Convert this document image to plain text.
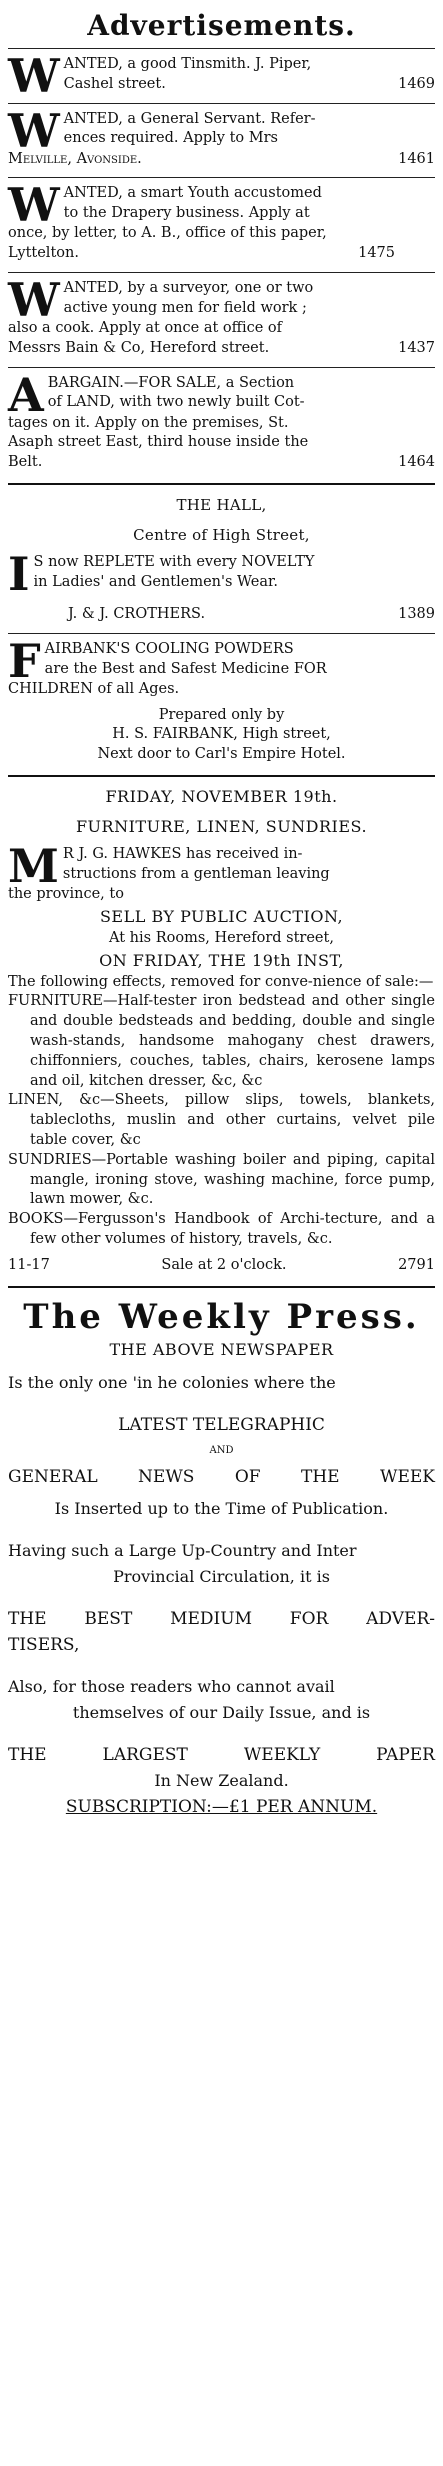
Advertisements.
W ANTED, a good Tinsmith. J. Piper,
Cashel street.	1469
W ANTED, a General Servant. Refer-
ences required. Apply to Mrs
Melville, Avonside.	1461
W ANTED, a smart Youth accustomed
to the Drapery business. Apply at
once, by letter, to A. B., office of this paper,
Lyttelton.	1475
W ANTED, by a surveyor, one or two
active young men for field work ;
also a cook. Apply at once at office of
Messrs Bain & Co, Hereford street.	1437
A BARGAIN.—FOR SALE, a Section
of LAND, with two newly built Cot-
tages on it. Apply on the premises, St.
Asaph street East, third house inside the
Belt.	1464
THE HALL,
Centre of High Street,
I S now REPLETE with every NOVELTY
in Ladies' and Gentlemen's Wear.
J. & J. CROTHERS.	1389
F AIRBANK'S COOLING POWDERS
are the Best and Safest Medicine FOR
CHILDREN of all Ages.
Prepared only by
H. S. FAIRBANK, High street,
Next door to Carl's Empire Hotel.
FRIDAY, NOVEMBER 19th.
FURNITURE, LINEN, SUNDRIES.
M R J. G. HAWKES has received in-
structions from a gentleman leaving
the province, to
SELL BY PUBLIC AUCTION,
At his Rooms, Hereford street,
ON FRIDAY, THE 19th INST,

The following effects, removed for conve-nience of sale:—

FURNITURE—Half-tester iron bedstead and other single and double bedsteads and bedding, double and single wash-stands, handsome mahogany chest drawers, chiffonniers, couches, tables, chairs, kerosene lamps and oil, kitchen dresser, &c, &c

LINEN, &c—Sheets, pillow slips, towels, blankets, tablecloths, muslin and other curtains, velvet pile table cover, &c

SUNDRIES—Portable washing boiler and piping, capital mangle, ironing stove, washing machine, force pump, lawn mower, &c.

BOOKS—Fergusson's Handbook of Archi-tecture, and a few other volumes of history, travels, &c.

11-17	Sale at 2 o'clock.	2791
The Weekly Press.
THE ABOVE NEWSPAPER
Is the only one 'in he colonies where the
LATEST TELEGRAPHIC
AND
GENERAL NEWS OF THE WEEK
Is Inserted up to the Time of Publication.
Having such a Large Up-Country and Inter
Provincial Circulation, it is
THE BEST MEDIUM FOR ADVER-
TISERS,
Also, for those readers who cannot avail
themselves of our Daily Issue, and is
THE LARGEST WEEKLY PAPER
In New Zealand.
SUBSCRIPTION:—£1 PER ANNUM.
